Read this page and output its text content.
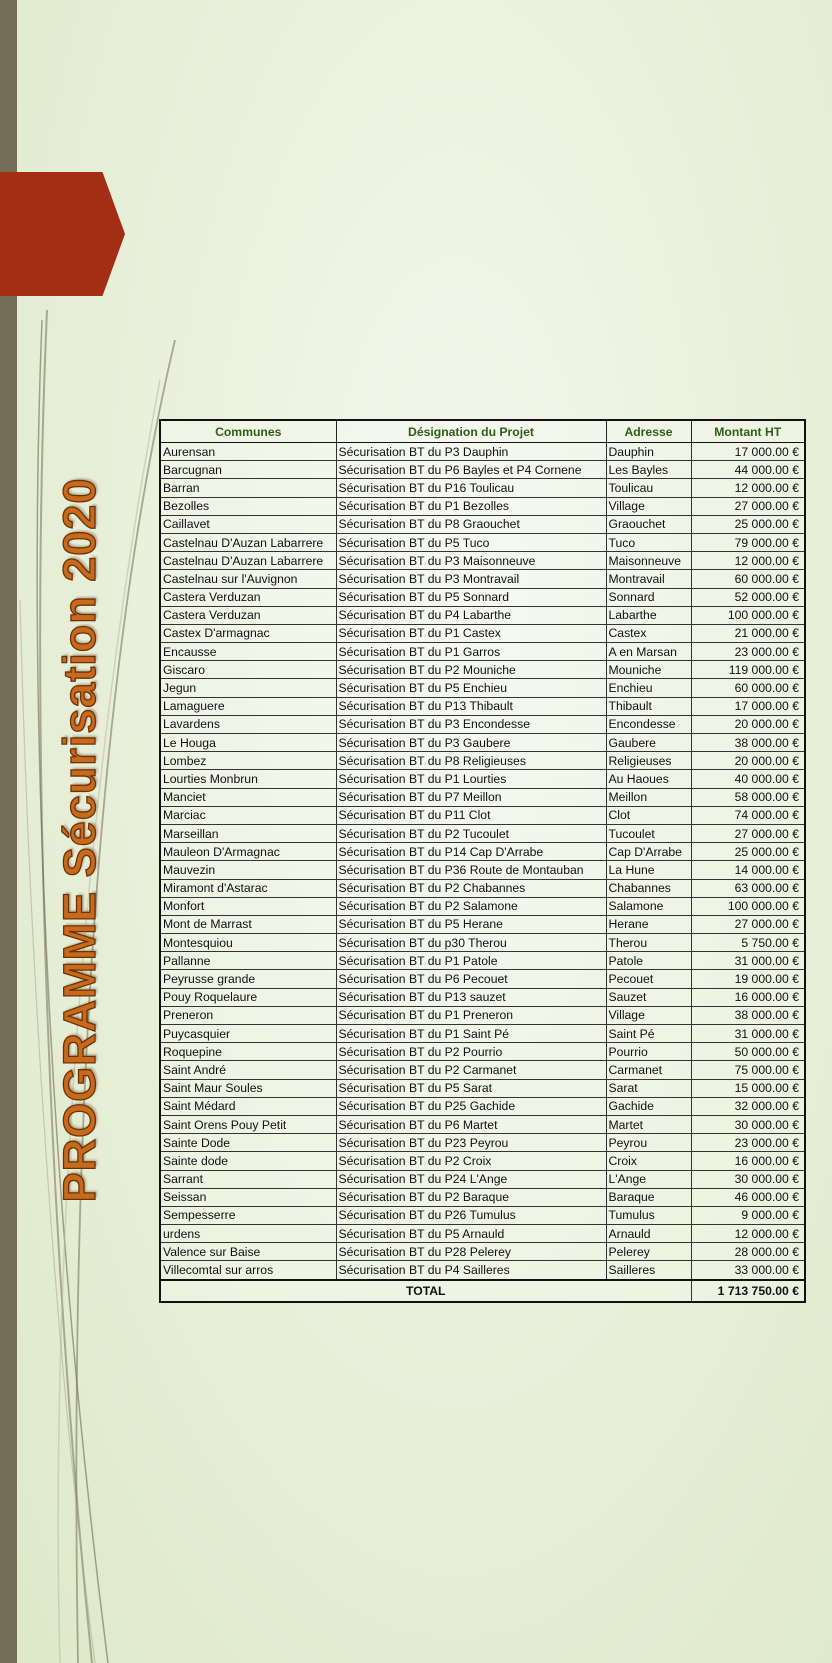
PROGRAMME Sécurisation 2020
Communes	Désignation du Projet	Adresse	Montant HT
Aurensan	Sécurisation BT du P3 Dauphin	Dauphin	17 000.00 €
Barcugnan	Sécurisation BT du P6 Bayles et P4 Cornene	Les Bayles	44 000.00 €
Barran	Sécurisation BT du P16 Toulicau	Toulicau	12 000.00 €
Bezolles	Sécurisation BT du P1 Bezolles	Village	27 000.00 €
Caillavet	Sécurisation BT du P8 Graouchet	Graouchet	25 000.00 €
Castelnau D'Auzan Labarrere	Sécurisation BT du P5 Tuco	Tuco	79 000.00 €
Castelnau D'Auzan Labarrere	Sécurisation BT du P3 Maisonneuve	Maisonneuve	12 000.00 €
Castelnau sur l'Auvignon	Sécurisation BT du P3 Montravail	Montravail	60 000.00 €
Castera Verduzan	Sécurisation BT du P5 Sonnard	Sonnard	52 000.00 €
Castera Verduzan	Sécurisation BT du P4 Labarthe	Labarthe	100 000.00 €
Castex D'armagnac	Sécurisation BT du P1 Castex	Castex	21 000.00 €
Encausse	Sécurisation BT du P1 Garros	A en Marsan	23 000.00 €
Giscaro	Sécurisation BT du P2 Mouniche	Mouniche	119 000.00 €
Jegun	Sécurisation BT du P5 Enchieu	Enchieu	60 000.00 €
Lamaguere	Sécurisation BT du P13 Thibault	Thibault	17 000.00 €
Lavardens	Sécurisation BT du P3 Encondesse	Encondesse	20 000.00 €
Le Houga	Sécurisation BT du P3 Gaubere	Gaubere	38 000.00 €
Lombez	Sécurisation BT du P8 Religieuses	Religieuses	20 000.00 €
Lourties Monbrun	Sécurisation BT du P1 Lourties	Au Haoues	40 000.00 €
Manciet	Sécurisation BT du P7 Meillon	Meillon	58 000.00 €
Marciac	Sécurisation BT du P11 Clot	Clot	74 000.00 €
Marseillan	Sécurisation BT du P2 Tucoulet	Tucoulet	27 000.00 €
Mauleon D'Armagnac	Sécurisation BT du P14 Cap D'Arrabe	Cap D'Arrabe	25 000.00 €
Mauvezin	Sécurisation BT du P36 Route de Montauban	La Hune	14 000.00 €
Miramont d'Astarac	Sécurisation BT du P2 Chabannes	Chabannes	63 000.00 €
Monfort	Sécurisation BT du P2 Salamone	Salamone	100 000.00 €
Mont de Marrast	Sécurisation BT du P5 Herane	Herane	27 000.00 €
Montesquiou	Sécurisation BT du p30 Therou	Therou	5 750.00 €
Pallanne	Sécurisation BT du P1 Patole	Patole	31 000.00 €
Peyrusse grande	Sécurisation BT du P6 Pecouet	Pecouet	19 000.00 €
Pouy Roquelaure	Sécurisation BT du P13 sauzet	Sauzet	16 000.00 €
Preneron	Sécurisation BT du P1 Preneron	Village	38 000.00 €
Puycasquier	Sécurisation BT du P1 Saint Pé	Saint Pé	31 000.00 €
Roquepine	Sécurisation BT du P2 Pourrio	Pourrio	50 000.00 €
Saint André	Sécurisation BT du P2 Carmanet	Carmanet	75 000.00 €
Saint Maur Soules	Sécurisation BT du P5 Sarat	Sarat	15 000.00 €
Saint Médard	Sécurisation BT du P25 Gachide	Gachide	32 000.00 €
Saint Orens Pouy Petit	Sécurisation BT du P6 Martet	Martet	30 000.00 €
Sainte Dode	Sécurisation BT du P23 Peyrou	Peyrou	23 000.00 €
Sainte dode	Sécurisation BT du P2 Croix	Croix	16 000.00 €
Sarrant	Sécurisation BT du P24 L'Ange	L'Ange	30 000.00 €
Seissan	Sécurisation BT du P2 Baraque	Baraque	46 000.00 €
Sempesserre	Sécurisation BT du P26 Tumulus	Tumulus	9 000.00 €
urdens	Sécurisation BT du P5 Arnauld	Arnauld	12 000.00 €
Valence sur Baise	Sécurisation BT du P28 Pelerey	Pelerey	28 000.00 €
Villecomtal sur arros	Sécurisation BT du P4 Sailleres	Sailleres	33 000.00 €
TOTAL			1 713 750.00 €
